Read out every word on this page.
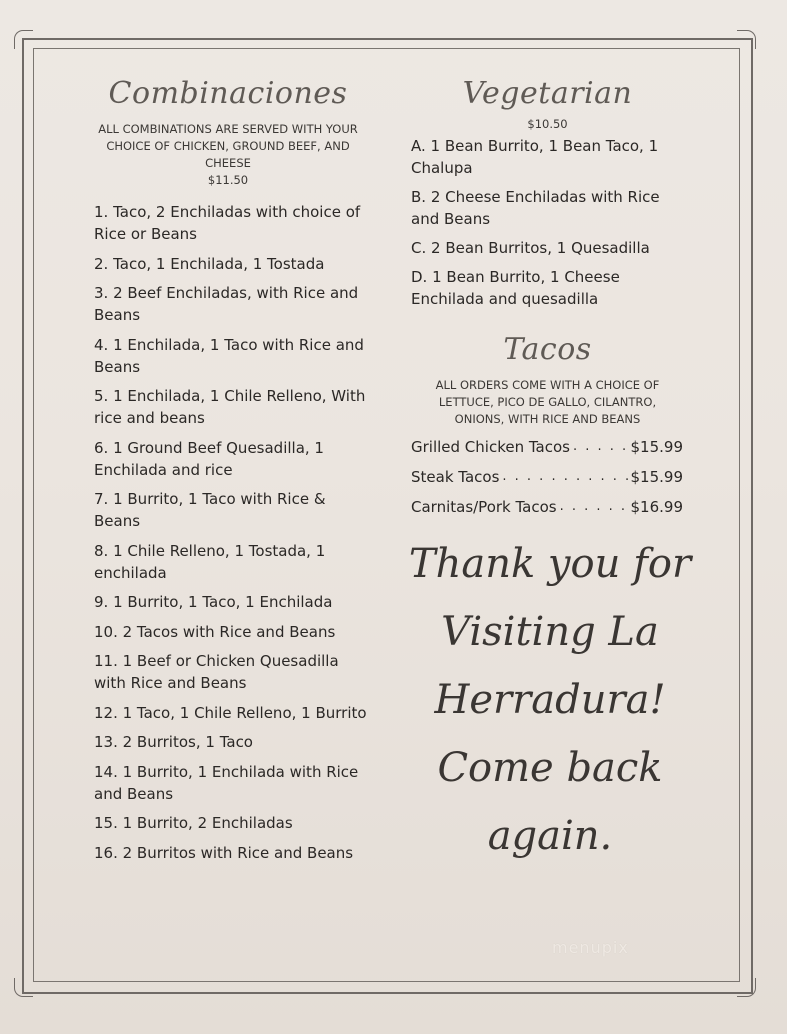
Combinaciones
ALL COMBINATIONS ARE SERVED WITH YOUR CHOICE OF CHICKEN, GROUND BEEF, AND CHEESE
$11.50
1. Taco, 2 Enchiladas with choice of Rice or Beans
2. Taco, 1 Enchilada, 1 Tostada
3. 2 Beef Enchiladas, with Rice and Beans
4. 1 Enchilada, 1 Taco with Rice and Beans
5. 1 Enchilada, 1 Chile Relleno, With rice and beans
6. 1 Ground Beef Quesadilla, 1 Enchilada and rice
7. 1 Burrito, 1 Taco with Rice & Beans
8. 1 Chile Relleno, 1 Tostada, 1 enchilada
9. 1 Burrito, 1 Taco, 1 Enchilada
10. 2 Tacos with Rice and Beans
11. 1 Beef or Chicken Quesadilla with Rice and Beans
12. 1 Taco, 1 Chile Relleno, 1 Burrito
13. 2 Burritos, 1 Taco
14. 1 Burrito, 1 Enchilada with Rice and Beans
15. 1 Burrito, 2 Enchiladas
16. 2 Burritos with Rice and Beans
Vegetarian
$10.50
A. 1 Bean Burrito, 1 Bean Taco, 1 Chalupa
B. 2 Cheese Enchiladas with Rice and Beans
C. 2 Bean Burritos, 1 Quesadilla
D. 1 Bean Burrito, 1 Cheese Enchilada and quesadilla
Tacos
ALL ORDERS COME WITH A CHOICE OF LETTUCE, PICO DE GALLO, CILANTRO, ONIONS, WITH RICE AND BEANS
Grilled Chicken Tacos . . .	$15.99
Steak Tacos . . .	$15.99
Carnitas/Pork Tacos . . .	$16.99
Thank you for
Visiting La
Herradura!
Come back
again.
menupix
